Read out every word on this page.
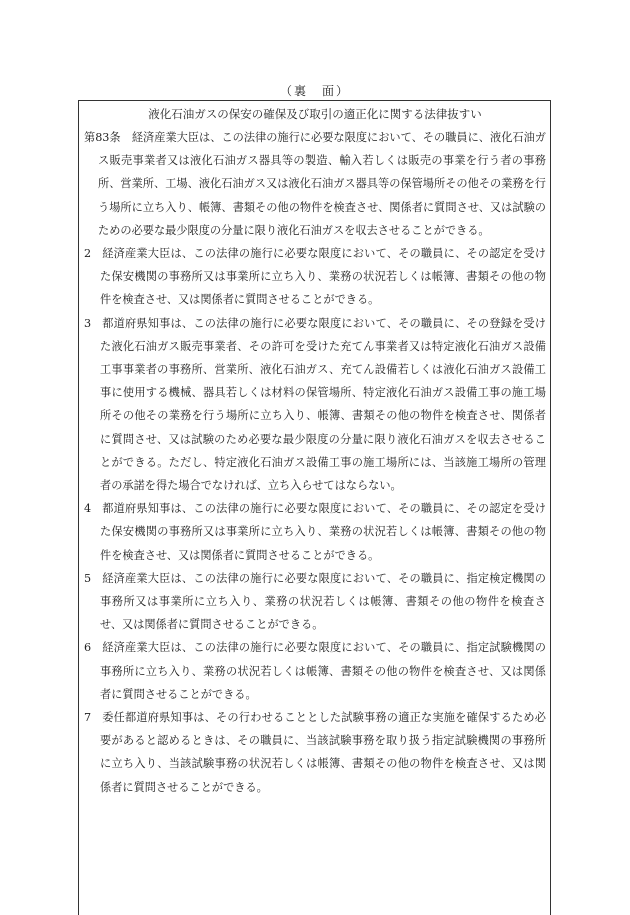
（裏　面）
液化石油ガスの保安の確保及び取引の適正化に関する法律抜すい

第83条　 経済産業大臣は、この法律の施行に必要な限度において、その職員に、液化石油ガス販売事業者又は液化石油ガス器具等の製造、輸入若しくは販売の事業を行う者の事務所、営業所、工場、液化石油ガス又は液化石油ガス器具等の保管場所その他その業務を行う場所に立ち入り、帳簿、書類その他の物件を検査させ、関係者に質問させ、又は試験のための必要な最少限度の分量に限り液化石油ガスを収去させることができる。

2 経済産業大臣は、この法律の施行に必要な限度において、その職員に、その認定を受けた保安機関の事務所又は事業所に立ち入り、業務の状況若しくは帳簿、書類その他の物件を検査させ、又は関係者に質問させることができる。

3 都道府県知事は、この法律の施行に必要な限度において、その職員に、その登録を受けた液化石油ガス販売事業者、その許可を受けた充てん事業者又は特定液化石油ガス設備工事事業者の事務所、営業所、液化石油ガス、充てん設備若しくは液化石油ガス設備工事に使用する機械、器具若しくは材料の保管場所、特定液化石油ガス設備工事の施工場所その他その業務を行う場所に立ち入り、帳簿、書類その他の物件を検査させ、関係者に質問させ、又は試験のため必要な最少限度の分量に限り液化石油ガスを収去させることができる。ただし、特定液化石油ガス設備工事の施工場所には、当該施工場所の管理者の承諾を得た場合でなければ、立ち入らせてはならない。

4 都道府県知事は、この法律の施行に必要な限度において、その職員に、その認定を受けた保安機関の事務所又は事業所に立ち入り、業務の状況若しくは帳簿、書類その他の物件を検査させ、又は関係者に質問させることができる。

5 経済産業大臣は、この法律の施行に必要な限度において、その職員に、指定検定機関の事務所又は事業所に立ち入り、業務の状況若しくは帳簿、書類その他の物件を検査させ、又は関係者に質問させることができる。

6 経済産業大臣は、この法律の施行に必要な限度において、その職員に、指定試験機関の事務所に立ち入り、業務の状況若しくは帳簿、書類その他の物件を検査させ、又は関係者に質問させることができる。

7 委任都道府県知事は、その行わせることとした試験事務の適正な実施を確保するため必要があると認めるときは、その職員に、当該試験事務を取り扱う指定試験機関の事務所に立ち入り、当該試験事務の状況若しくは帳簿、書類その他の物件を検査させ、又は関係者に質問させることができる。
